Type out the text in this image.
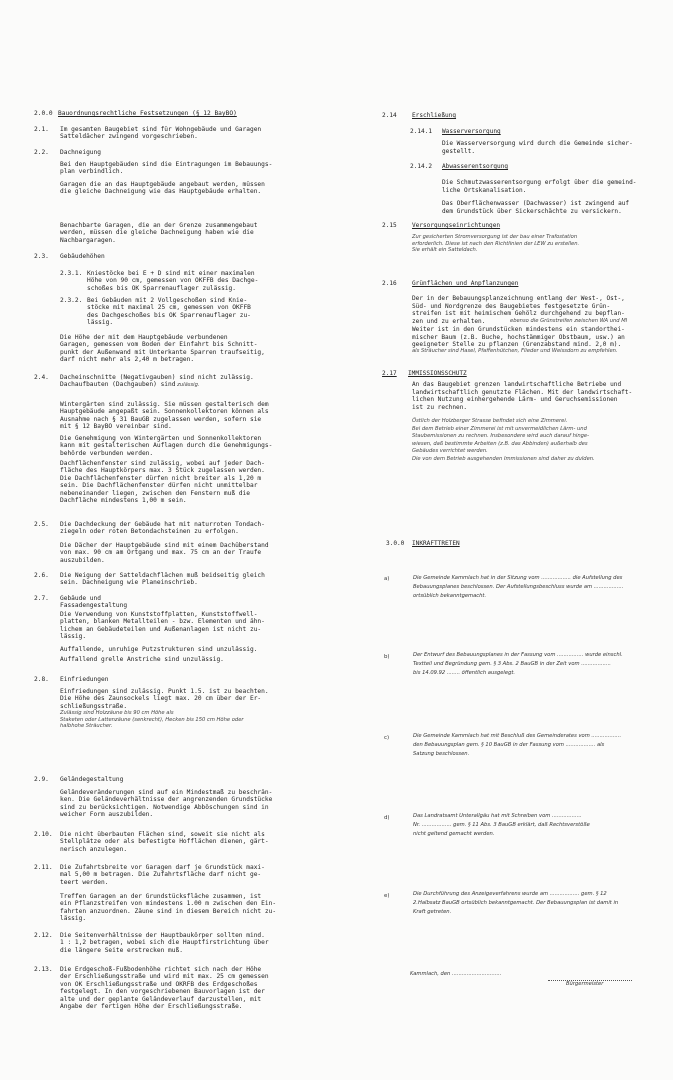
2.0.0 Bauordnungsrechtliche Festsetzungen (§ 12 BayBO)
2.1. Im gesamten Baugebiet sind für Wohngebäude und Garagen
Satteldächer zwingend vorgeschrieben.

2.2. Dachneigung

Bei den Hauptgebäuden sind die Eintragungen im Bebauungs-
plan verbindlich.

Garagen die an das Hauptgebäude angebaut werden, müssen
die gleiche Dachneigung wie das Hauptgebäude erhalten.

Benachbarte Garagen, die an der Grenze zusammengebaut
werden, müssen die gleiche Dachneigung haben wie die
Nachbargaragen.

2.3. Gebäudehöhen
2.3.1. Kniestöcke bei E + D sind mit einer maximalen
Höhe von 90 cm, gemessen von OKFFB des Dachge-
schoßes bis OK Sparrenauflager zulässig.

2.3.2. Bei Gebäuden mit 2 Vollgeschoßen sind Knie-
stöcke mit maximal 25 cm, gemessen von OKFFB
des Dachgeschoßes bis OK Sparrenauflager zu-
lässig.

Die Höhe der mit dem Hauptgebäude verbundenen
Garagen, gemessen vom Boden der Einfahrt bis Schnitt-
punkt der Außenwand mit Unterkante Sparren traufseitig,
darf nicht mehr als 2,40 m betragen.

2.4. Dacheinschnitte (Negativgauben) sind nicht zulässig.
Dachaufbauten (Dachgauben) sind zulässig.

Wintergärten sind zulässig. Sie müssen gestalterisch dem
Hauptgebäude angepaßt sein. Sonnenkollektoren können als
Ausnahme nach § 31 BauGB zugelassen werden, sofern sie
mit § 12 BayBO vereinbar sind.

Die Genehmigung von Wintergärten und Sonnenkollektoren
kann mit gestalterischen Auflagen durch die Genehmigungs-
behörde verbunden werden.

Dachflächenfenster sind zulässig, wobei auf jeder Dach-
fläche des Hauptkörpers max. 3 Stück zugelassen werden.
Die Dachflächenfenster dürfen nicht breiter als 1,20 m
sein. Die Dachflächenfenster dürfen nicht unmittelbar
nebeneinander liegen, zwischen den Fenstern muß die
Dachfläche mindestens 1,00 m sein.

2.5. Die Dachdeckung der Gebäude hat mit naturroten Tondach-
ziegeln oder roten Betondachsteinen zu erfolgen.

Die Dächer der Hauptgebäude sind mit einem Dachüberstand
von max. 90 cm am Ortgang und max. 75 cm an der Traufe
auszubilden.

2.6. Die Neigung der Satteldachflächen muß beidseitig gleich
sein. Dachneigung wie Planeinschrieb.

2.7. Gebäude und Fassadengestaltung

Die Verwendung von Kunststoffplatten, Kunststoffwell-
platten, blanken Metallteilen - bzw. Elementen und ähn-
lichem an Gebäudeteilen und Außenanlagen ist nicht zu-
lässig.

Auffallende, unruhige Putzstrukturen sind unzulässig.

Auffallend grelle Anstriche sind unzulässig.

2.8. Einfriedungen

Einfriedungen sind zulässig. Punkt 1.5. ist zu beachten.
Die Höhe des Zaunsockels liegt max. 20 cm über der Er-
schließungsstraße.

Zulässig sind Holzzäune bis 90 cm Höhe als
Staketen oder Lattenzäune (senkrecht), Hecken bis 150 cm Höhe oder
halbhohe Sträucher.

2.9. Geländegestaltung

Geländeveränderungen sind auf ein Mindestmaß zu beschrän-
ken. Die Geländeverhältnisse der angrenzenden Grundstücke
sind zu berücksichtigen. Notwendige Abböschungen sind in
weicher Form auszubilden.

2.10. Die nicht überbauten Flächen sind, soweit sie nicht als
Stellplätze oder als befestigte Hofflächen dienen, gärt-
nerisch anzulegen.

2.11. Die Zufahrtsbreite vor Garagen darf je Grundstück maxi-
mal 5,00 m betragen. Die Zufahrtsfläche darf nicht ge-
teert werden.

Treffen Garagen an der Grundstücksfläche zusammen, ist
ein Pflanzstreifen von mindestens 1.00 m zwischen den Ein-
fahrten anzuordnen. Zäune sind in diesem Bereich nicht zu-
lässig.

2.12. Die Seitenverhältnisse der Hauptbaukörper sollten mind.
1 : 1,2 betragen, wobei sich die Hauptfirstrichtung über
die längere Seite erstrecken muß.

2.13. Die Erdgeschoß-Fußbodenhöhe richtet sich nach der Höhe
der Erschließungsstraße und wird mit max. 25 cm gemessen
von OK Erschließungsstraße und OKRFB des Erdgeschoßes
festgelegt. In den vorgeschriebenen Bauvorlagen ist der
alte und der geplante Geländeverlauf darzustellen, mit
Angabe der fertigen Höhe der Erschließungsstraße.

2.14	Erschließung
2.14.1 Wasserversorgung

Die Wasserversorgung wird durch die Gemeinde sicher-
gestellt.

2.14.2 Abwasserentsorgung

Die Schmutzwasserentsorgung erfolgt über die gemeind-
liche Ortskanalisation.

Das Oberflächenwasser (Dachwasser) ist zwingend auf
dem Grundstück über Sickerschächte zu versickern.

2.15	Versorgungseinrichtungen

Zur gesicherten Stromversorgung ist der bau einer Trafostation
erforderlich. Diese ist nach den Richtlinien der LEW zu erstellen.
Sie erhält ein Satteldach.

2.16	Grünflächen und Anpflanzungen

Der in der Bebauungsplanzeichnung entlang der West-, Ost-,
Süd- und Nordgrenze des Baugebietes festgesetzte Grün-
streifen ist mit heimischem Gehölz durchgehend zu bepflan-
zen und zu erhalten.	ebenso die Grünstreifen zwischen WA und MI

Weiter ist in den Grundstücken mindestens ein standorthei-
mischer Baum (z.B. Buche, hochstämmiger Obstbaum, usw.) an
geeigneter Stelle zu pflanzen (Grenzabstand mind. 2,0 m).

als Sträucher sind Hasel, Pfaffenhütchen, Flieder und Weissdorn zu empfehlen.

2.17 IMMISSIONSSCHUTZ

An das Baugebiet grenzen landwirtschaftliche Betriebe und
landwirtschaftlich genutzte Flächen. Mit der landwirtschaft-
lichen Nutzung einhergehende Lärm- und Geruchsemissionen
ist zu rechnen.

Östlich der Holzberger Strasse befindet sich eine Zimmerei.
Bei dem Betrieb einer Zimmerei ist mit unvermeidlichen Lärm- und
Staubemissionen zu rechnen. Insbesondere wird auch darauf hinge-
wiesen, daß bestimmte Arbeiten (z.B. das Abbinden) außerhalb des
Gebäudes verrichtet werden.
Die von dem Betrieb ausgehenden Immissionen sind daher zu dulden.

3.0.0 INKRAFTTRETEN
a)	Die Gemeinde Kammlach hat in der Sitzung vom .................. die Aufstellung des
Bebauungsplanes beschlossen. Der Aufstellungsbeschluss wurde am ..................
ortsüblich bekanntgemacht.

b)	Der Entwurf des Bebauungsplanes in der Fassung vom ................ wurde einschl.
Textteil und Begründung gem. § 3 Abs. 2 BauGB in der Zeit vom ..................
bis 14.09.92 ........ öffentlich ausgelegt.

c)	Die Gemeinde Kammlach hat mit Beschluß des Gemeinderates vom ..................
den Bebauungsplan gem. § 10 BauGB in der Fassung vom .................. als
Satzung beschlossen.

d)	Das Landratsamt Unterallgäu hat mit Schreiben vom ..................
Nr. .................. gem. § 11 Abs. 3 BauGB erklärt, daß Rechtsverstöße
nicht geltend gemacht werden.

e)	Die Durchführung des Anzeigeverfahrens wurde am .................. gem. § 12
2.Halbsatz BauGB ortsüblich bekanntgemacht. Der Bebauungsplan ist damit in
Kraft getreten.

Kammlach, den ..............................

Bürgermeister
